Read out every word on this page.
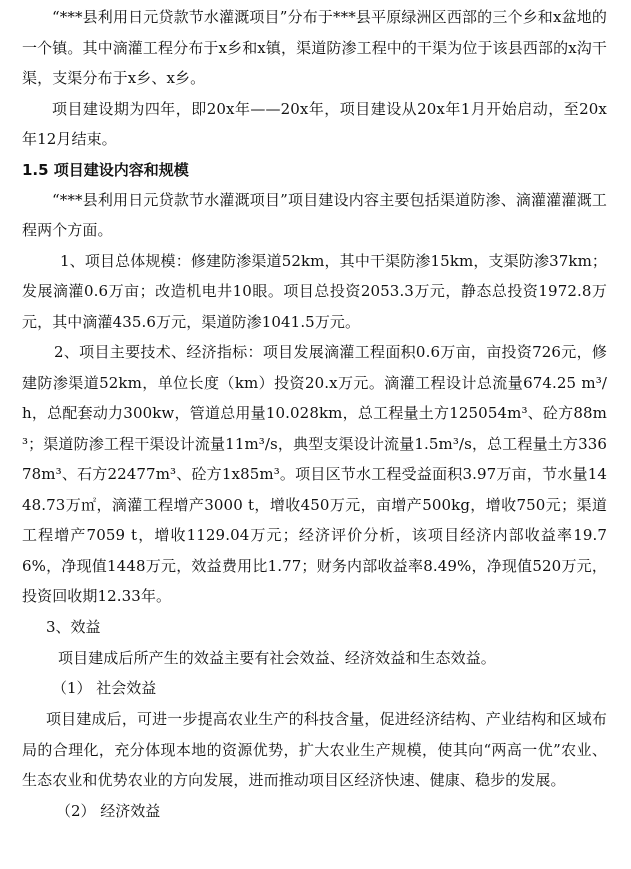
“***县利用日元贷款节水灌溉项目”分布于***县平原绿洲区西部的三个乡和x盆地的一个镇。其中滴灌工程分布于x乡和x镇，渠道防渗工程中的干渠为位于该县西部的x沟干渠，支渠分布于x乡、x乡。

项目建设期为四年，即20x年——20x年，项目建设从20x年1月开始启动，至20x年12月结束。

1.5 项目建设内容和规模

“***县利用日元贷款节水灌溉项目”项目建设内容主要包括渠道防渗、滴灌灌灌溉工程两个方面。

1、项目总体规模：修建防渗渠道52km，其中干渠防渗15km，支渠防渗37km；发展滴灌0.6万亩；改造机电井10眼。项目总投资2053.3万元，静态总投资1972.8万元，其中滴灌435.6万元，渠道防渗1041.5万元。

2、项目主要技术、经济指标：项目发展滴灌工程面积0.6万亩，亩投资726元，修建防渗渠道52km，单位长度（km）投资20.x万元。滴灌工程设计总流量674.25 m³/h，总配套动力300kw，管道总用量10.028km，总工程量土方125054m³、砼方88m³；渠道防渗工程干渠设计流量11m³/s，典型支渠设计流量1.5m³/s，总工程量土方33678m³、石方22477m³、砼方1x85m³。项目区节水工程受益面积3.97万亩，节水量1448.73万㎡，滴灌工程增产3000 t，增收450万元，亩增产500kg，增收750元；渠道工程增产7059 t，增收1129.04万元；经济评价分析，该项目经济内部收益率19.76%，净现值1448万元，效益费用比1.77；财务内部收益率8.49%，净现值520万元，投资回收期12.33年。

3、效益

项目建成后所产生的效益主要有社会效益、经济效益和生态效益。

（1） 社会效益

项目建成后，可进一步提高农业生产的科技含量，促进经济结构、产业结构和区域布局的合理化，充分体现本地的资源优势，扩大农业生产规模，使其向“两高一优”农业、生态农业和优势农业的方向发展，进而推动项目区经济快速、健康、稳步的发展。

（2） 经济效益
